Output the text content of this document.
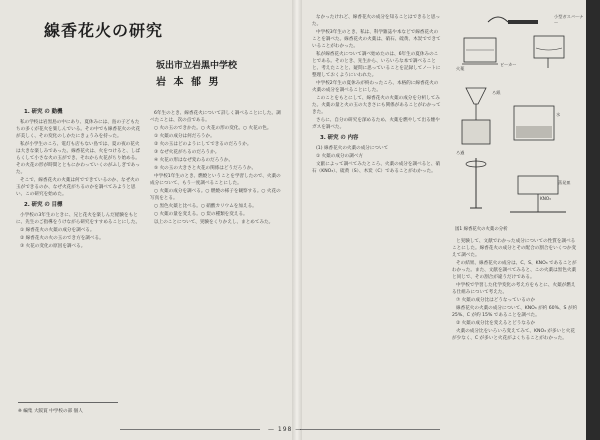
線香花火の研究
坂出市立岩黒中学校
岩 本 郁 男
1. 研究 の 動機

私の学校は岩黒島の中にあり、夏休みには、島の子どもたちの多くが花火を楽しんでいる。その中でも線香花火の火花が美しく、その変化のしかたにきょうみを持った。

私が小学生のころ、電灯も店もない島では、夏の夜の花火は大きな楽しみであった。線香花火は、火をつけると、しばらくして小さな火の玉ができ、それから火花がちり始める。その火花の形が時間とともにかわっていくのがふしぎであった。

そこで、線香花火の火薬は何でできているのか、なぜ火の玉ができるのか、なぜ火花がちるのかを調べてみようと思い、この研究を始めた。

2. 研究 の 目標

小学校の3年生のときに、兄と花火を楽しんだ経験をもとに、先生のご指導をうけながら研究をすすめることにした。

① 線香花火の火薬の成分を調べる。

② 線香花火の火の玉のでき方を調べる。

③ 火花の変化の原因を調べる。

6年生のとき、線香花火について詳しく調べることにした。調べたことは、次の点である。

○ 火の玉のできかた。○ 火花の形の変化。○ 火花の色。

① 火薬の成分は何だろうか。

② 火の玉はどのようにしてできるのだろうか。

③ なぜ火花がちるのだろうか。

④ 火花の形はなぜ変わるのだろうか。

⑤ 火の玉の大きさと火花の関係はどうだろうか。

中学校1年生のとき、燃焼ということを学習したので、火薬の成分について、もう一度調べることにした。

○ 火薬の成分を調べる。○ 燃焼の様子を観察する。○ 火花の写真をとる。

○ 黒色火薬と比べる。○ 硝酸カリウムを加える。

○ 火薬の量を変える。○ 炭の種類を変える。

以上のことについて、実験をくりかえし、まとめてみた。

※ 編集 大阪賞 中学校の部 個人

なかったけれど、線香花火の成分を知ることはできると思った。

中学校3年生のとき、私は、科学雑誌や本などで線香花火のことを調べた。線香花火の火薬は、硝石、硫黄、木炭でできていることがわかった。

私が線香花火について調べ始めたのは、6年生の夏休みのことである。そのとき、先生から、いろいろな本で調べることと、考えたことと、疑問に思っていることを記録してノートに整理しておくようにいわれた。

中学校2年生の夏休みが終わったころ、本格的に線香花火の火薬の成分を調べることにした。

このことをもとにして、線香花火の火薬の成分を分析してみた。火薬の量と火の玉の大きさにも関係があることがわかってきた。

さらに、自分の研究を深めるため、火薬を燃やして出る煙やガスを調べた。

3. 研究 の 内容

(1) 線香花火の火薬の成分について

① 火薬の成分の調べ方

文献によって調べてみたところ、火薬の成分を調べると、硝石（KNO₃）、硫黄（S）、木炭（C）であることがわかった。

小型ガスバーナー
ビーカー
火薬
ろ紙
水
ろ過
蒸発皿
KNO₃
図1 線香花火の火薬の分析

と実験して、文献でわかった成分についての性質を調べることにした。線香花火の成分とその配合の割合をいくつか変えて調べた。

その結果、線香花火の成分は、C、S、KNO₃ であることがわかった。また、文献を調べてみると、この火薬は黒色火薬と同じで、その割合が違うだけである。

中学校で学習した化学変化の考え方をもとに、火薬が燃える仕組みについて考えた。

⑦ 火薬の成分比はどうなっているのか

線香花火の火薬の成分について、KNO₃ が約 60%、S が約 25%、C が約 15% であることを調べた。

② 火薬の成分比を変えるとどうなるか

火薬の成分比をいろいろ変えてみて、KNO₃ が多いと火花が少なく、C が多いと火花がよくちることがわかった。

— 198 —
